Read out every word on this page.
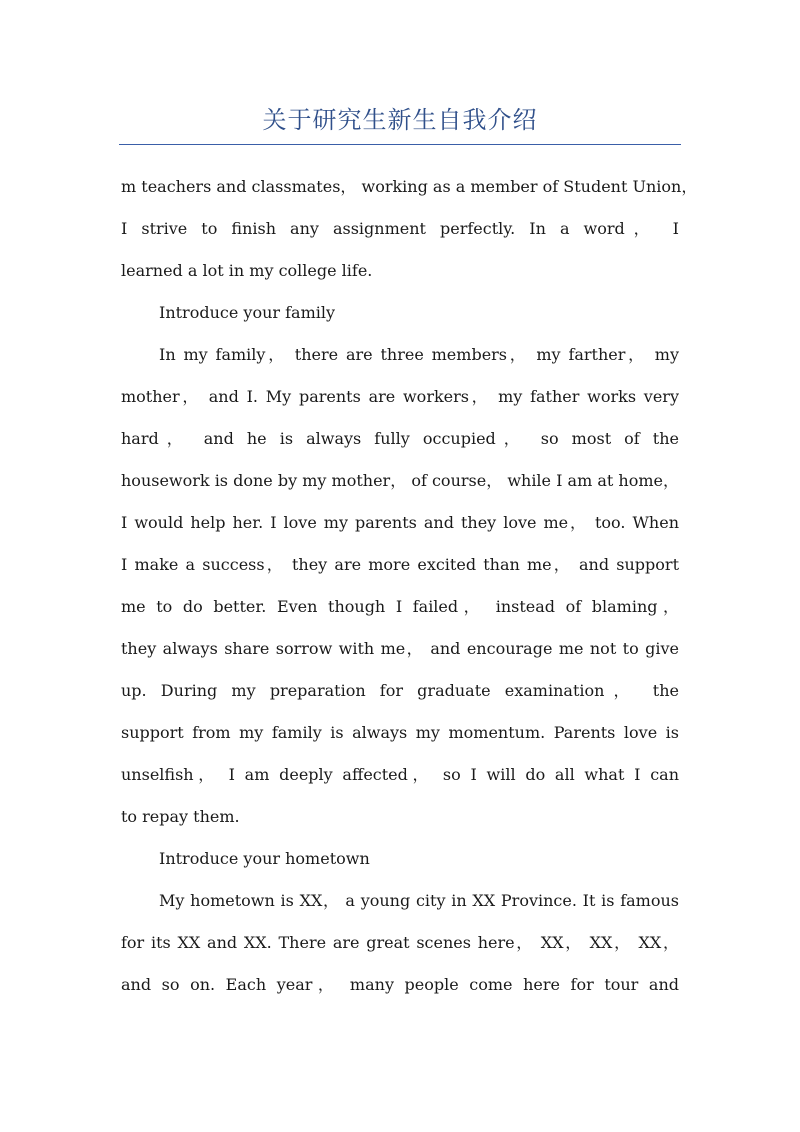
关于研究生新生自我介绍
m teachers and classmates， working as a member of Student Union，
I strive to finish any assignment perfectly. In a word， I
learned a lot in my college life.
Introduce your family
In my family， there are three members， my farther， my
mother， and I. My parents are workers， my father works very
hard， and he is always fully occupied， so most of the
housework is done by my mother， of course， while I am at home，
I would help her. I love my parents and they love me， too. When
I make a success， they are more excited than me， and support
me to do better. Even though I failed， instead of blaming，
they always share sorrow with me， and encourage me not to give
up. During my preparation for graduate examination， the
support from my family is always my momentum. Parents love is
unselfish， I am deeply affected， so I will do all what I can
to repay them.
Introduce your hometown
My hometown is XX， a young city in XX Province. It is famous
for its XX and XX. There are great scenes here， XX， XX， XX，
and so on. Each year， many people come here for tour and
